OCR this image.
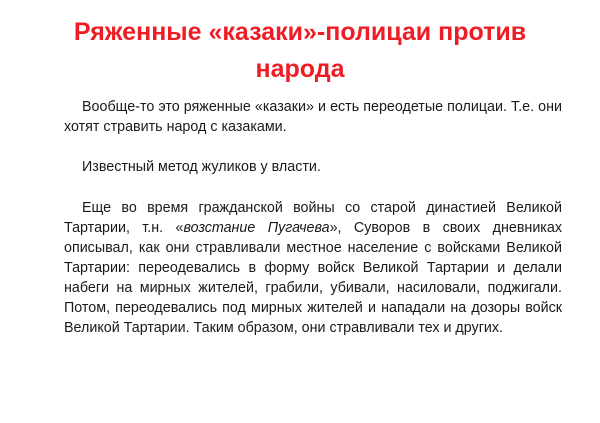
Ряженные «казаки»-полицаи против народа

Вообще-то это ряженные «казаки» и есть переодетые полицаи. Т.е. они хотят стравить народ с казаками.

Известный метод жуликов у власти.

Еще во время гражданской войны со старой династией Великой Тартарии, т.н. «возстание Пугачева», Суворов в своих дневниках описывал, как они стравливали местное население с войсками Великой Тартарии: переодевались в форму войск Великой Тартарии и делали набеги на мирных жителей, грабили, убивали, насиловали, поджигали. Потом, переодевались под мирных жителей и нападали на дозоры войск Великой Тартарии. Таким образом, они стравливали тех и других.
